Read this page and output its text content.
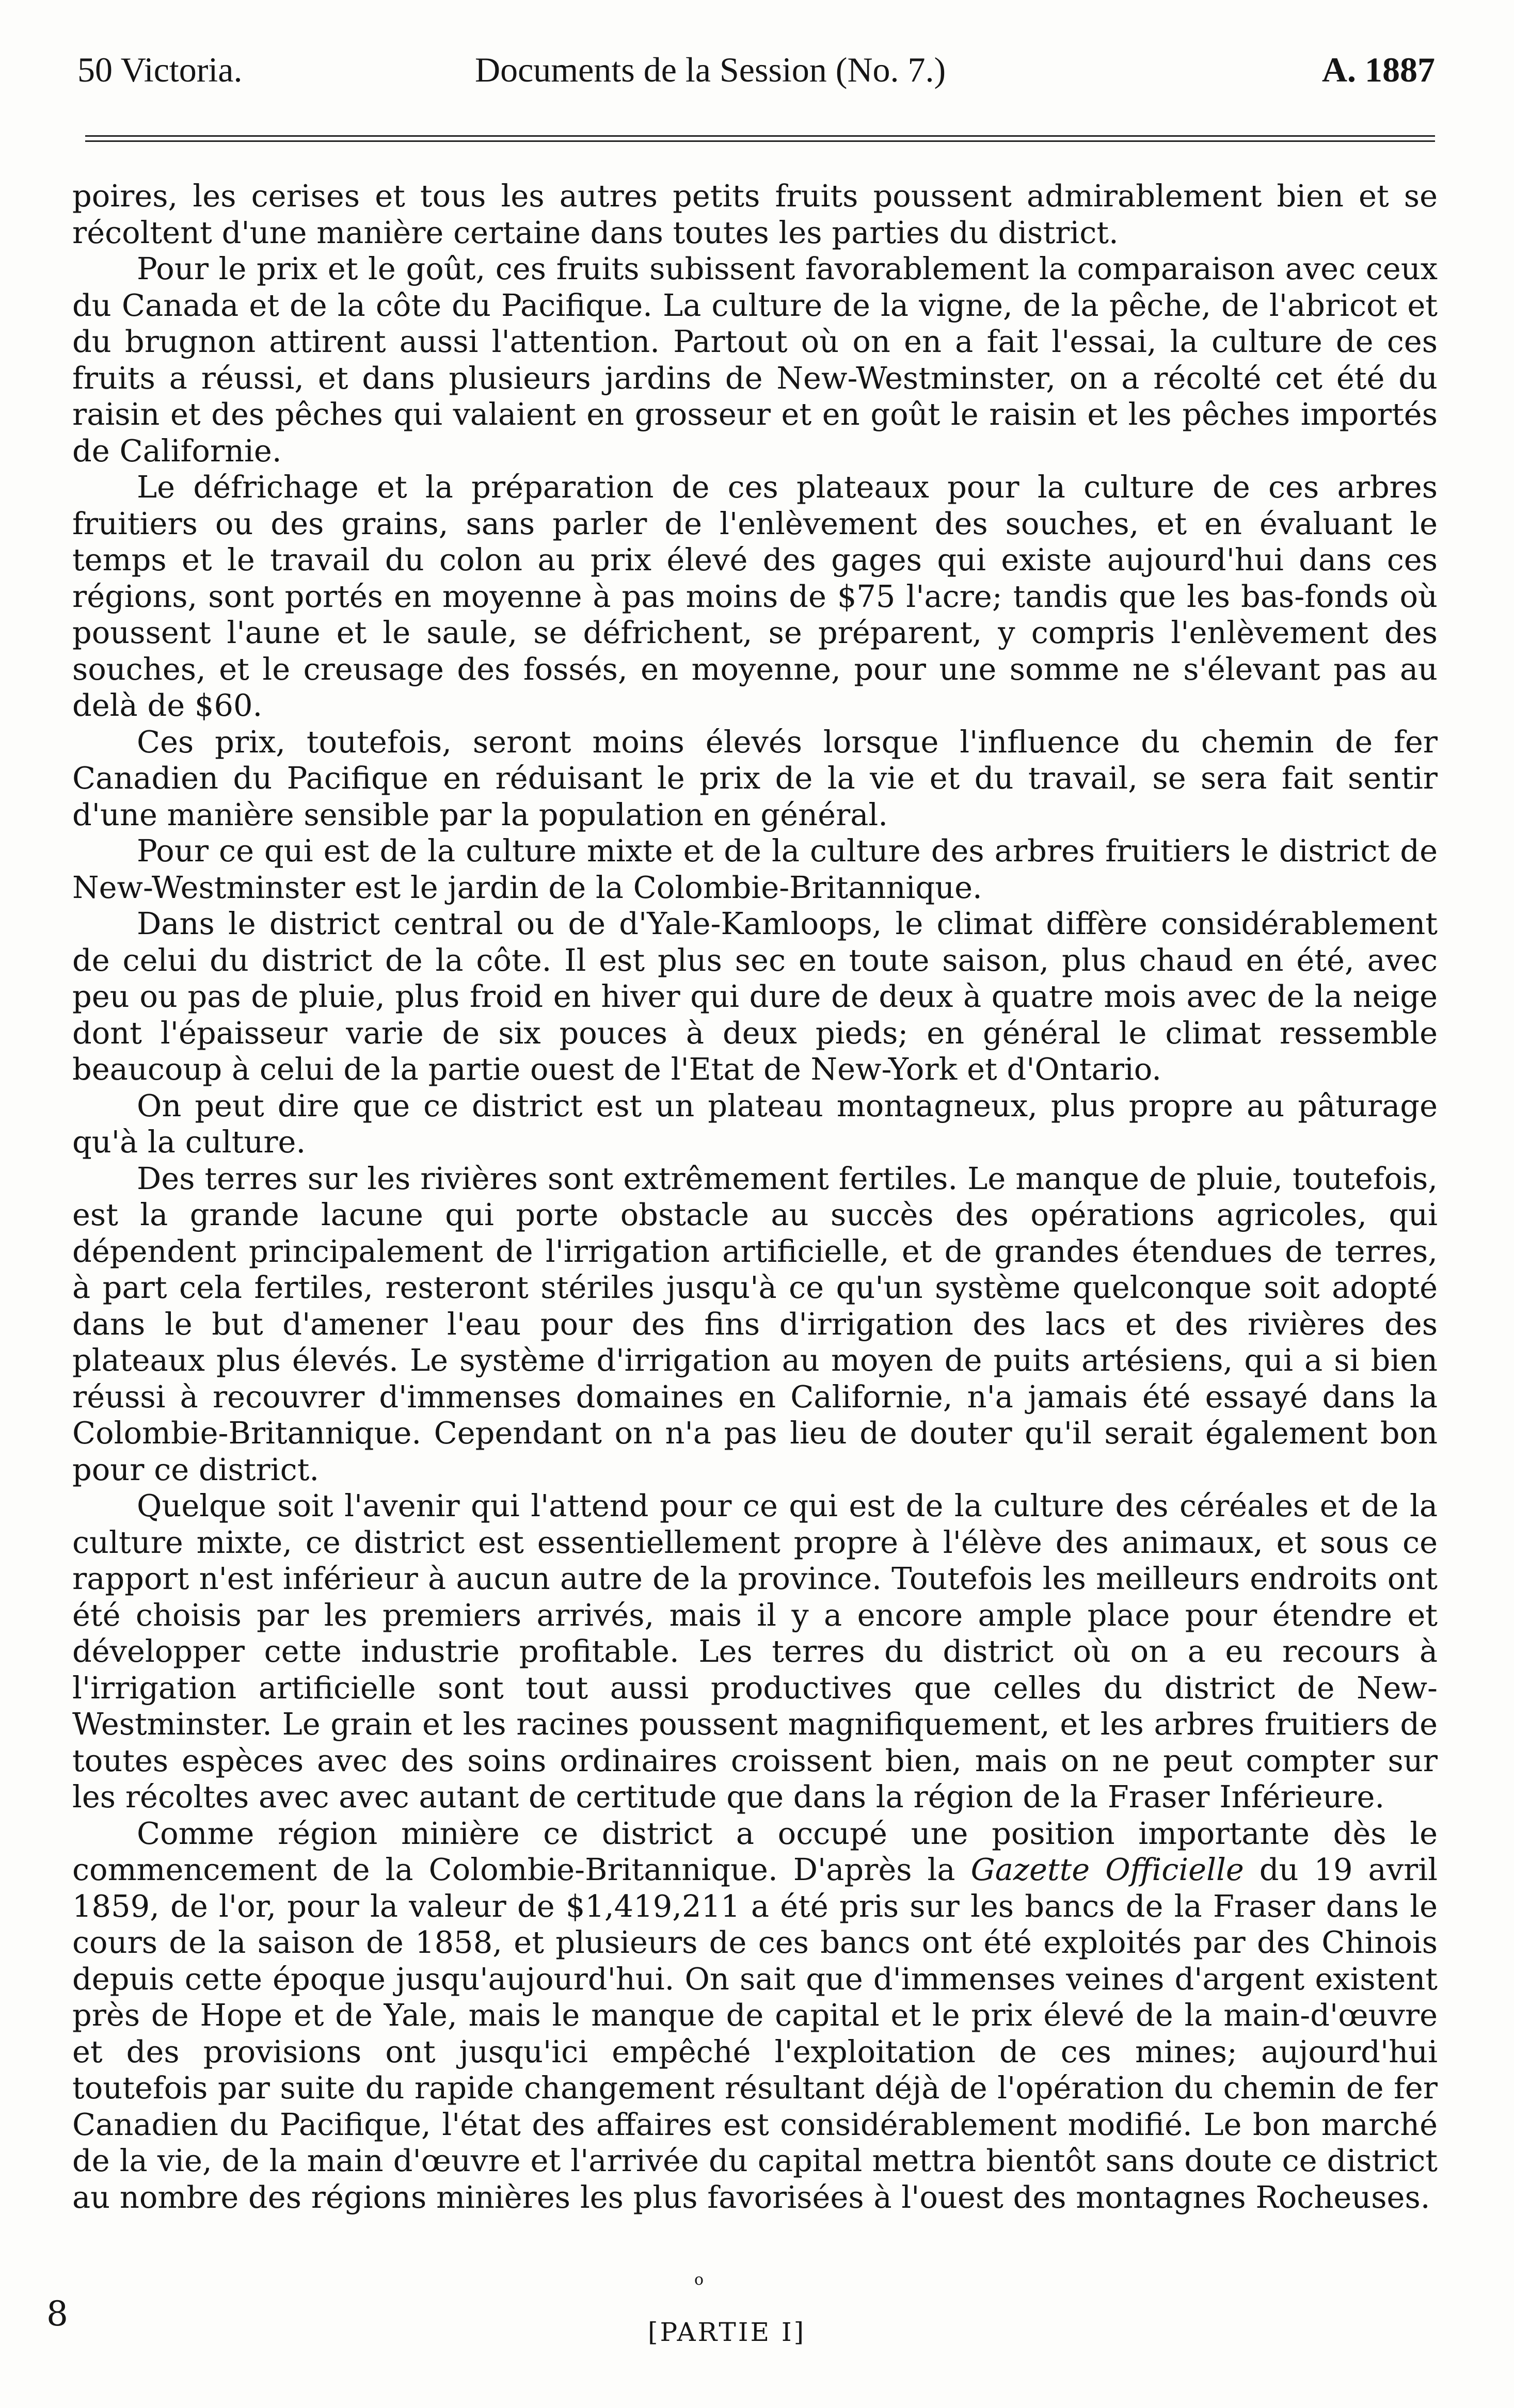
50 Victoria.	Documents de la Session (No. 7.)	A. 1887

poires, les cerises et tous les autres petits fruits poussent admirablement bien et se récoltent d'une manière certaine dans toutes les parties du district.

Pour le prix et le goût, ces fruits subissent favorablement la comparaison avec ceux du Canada et de la côte du Pacifique. La culture de la vigne, de la pêche, de l'abricot et du brugnon attirent aussi l'attention. Partout où on en a fait l'essai, la culture de ces fruits a réussi, et dans plusieurs jardins de New-Westminster, on a récolté cet été du raisin et des pêches qui valaient en grosseur et en goût le raisin et les pêches importés de Californie.

Le défrichage et la préparation de ces plateaux pour la culture de ces arbres fruitiers ou des grains, sans parler de l'enlèvement des souches, et en évaluant le temps et le travail du colon au prix élevé des gages qui existe aujourd'hui dans ces régions, sont portés en moyenne à pas moins de $75 l'acre; tandis que les bas-fonds où poussent l'aune et le saule, se défrichent, se préparent, y compris l'enlèvement des souches, et le creusage des fossés, en moyenne, pour une somme ne s'élevant pas au delà de $60.

Ces prix, toutefois, seront moins élevés lorsque l'influence du chemin de fer Canadien du Pacifique en réduisant le prix de la vie et du travail, se sera fait sentir d'une manière sensible par la population en général.

Pour ce qui est de la culture mixte et de la culture des arbres fruitiers le district de New-Westminster est le jardin de la Colombie-Britannique.

Dans le district central ou de d'Yale-Kamloops, le climat diffère considérablement de celui du district de la côte. Il est plus sec en toute saison, plus chaud en été, avec peu ou pas de pluie, plus froid en hiver qui dure de deux à quatre mois avec de la neige dont l'épaisseur varie de six pouces à deux pieds; en général le climat ressemble beaucoup à celui de la partie ouest de l'Etat de New-York et d'Ontario.

On peut dire que ce district est un plateau montagneux, plus propre au pâturage qu'à la culture.

Des terres sur les rivières sont extrêmement fertiles. Le manque de pluie, toutefois, est la grande lacune qui porte obstacle au succès des opérations agricoles, qui dépendent principalement de l'irrigation artificielle, et de grandes étendues de terres, à part cela fertiles, resteront stériles jusqu'à ce qu'un système quelconque soit adopté dans le but d'amener l'eau pour des fins d'irrigation des lacs et des rivières des plateaux plus élevés. Le système d'irrigation au moyen de puits artésiens, qui a si bien réussi à recouvrer d'immenses domaines en Californie, n'a jamais été essayé dans la Colombie-Britannique. Cependant on n'a pas lieu de douter qu'il serait également bon pour ce district.

Quelque soit l'avenir qui l'attend pour ce qui est de la culture des céréales et de la culture mixte, ce district est essentiellement propre à l'élève des animaux, et sous ce rapport n'est inférieur à aucun autre de la province. Toutefois les meilleurs endroits ont été choisis par les premiers arrivés, mais il y a encore ample place pour étendre et développer cette industrie profitable. Les terres du district où on a eu recours à l'irrigation artificielle sont tout aussi productives que celles du district de New-Westminster. Le grain et les racines poussent magnifiquement, et les arbres fruitiers de toutes espèces avec des soins ordinaires croissent bien, mais on ne peut compter sur les récoltes avec avec autant de certitude que dans la région de la Fraser Inférieure.

Comme région minière ce district a occupé une position importante dès le commencement de la Colombie-Britannique. D'après la Gazette Officielle du 19 avril 1859, de l'or, pour la valeur de $1,419,211 a été pris sur les bancs de la Fraser dans le cours de la saison de 1858, et plusieurs de ces bancs ont été exploités par des Chinois depuis cette époque jusqu'aujourd'hui. On sait que d'immenses veines d'argent existent près de Hope et de Yale, mais le manque de capital et le prix élevé de la main-d'œuvre et des provisions ont jusqu'ici empêché l'exploitation de ces mines; aujourd'hui toutefois par suite du rapide changement résultant déjà de l'opération du chemin de fer Canadien du Pacifique, l'état des affaires est considérablement modifié. Le bon marché de la vie, de la main d'œuvre et l'arrivée du capital mettra bientôt sans doute ce district au nombre des régions minières les plus favorisées à l'ouest des montagnes Rocheuses.

o
8	[PARTIE I]
